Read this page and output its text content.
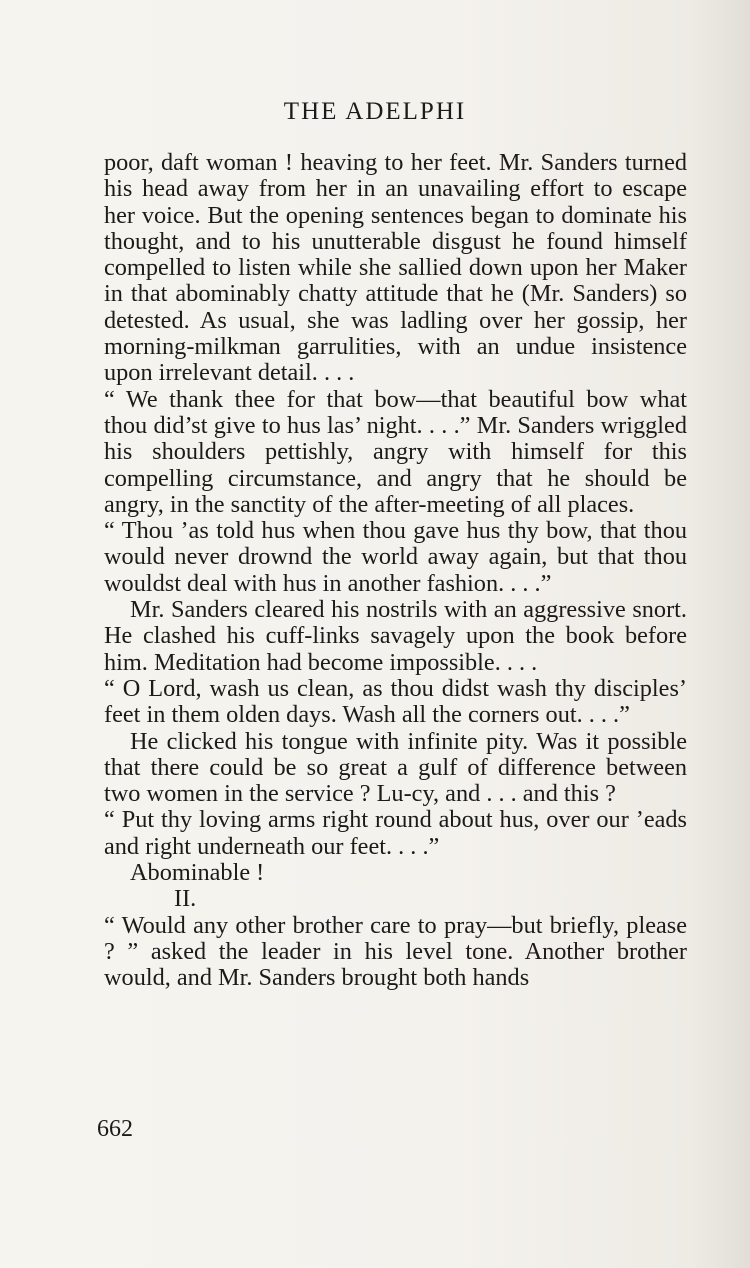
THE ADELPHI

poor, daft woman ! heaving to her feet. Mr. Sanders turned his head away from her in an unavailing effort to escape her voice. But the opening sentences began to dominate his thought, and to his unutterable disgust he found himself compelled to listen while she sallied down upon her Maker in that abominably chatty attitude that he (Mr. Sanders) so detested. As usual, she was ladling over her gossip, her morning-milkman garrulities, with an undue insistence upon irrelevant detail. . . .

“ We thank thee for that bow—that beautiful bow what thou did’st give to hus las’ night. . . .” Mr. Sanders wriggled his shoulders pettishly, angry with himself for this compelling circumstance, and angry that he should be angry, in the sanctity of the after-meeting of all places.

“ Thou ’as told hus when thou gave hus thy bow, that thou would never drownd the world away again, but that thou wouldst deal with hus in another fashion. . . .”

Mr. Sanders cleared his nostrils with an aggressive snort. He clashed his cuff-links savagely upon the book before him. Meditation had become impossible. . . .

“ O Lord, wash us clean, as thou didst wash thy disciples’ feet in them olden days. Wash all the corners out. . . .”

He clicked his tongue with infinite pity. Was it possible that there could be so great a gulf of difference between two women in the service ? Lu-cy, and . . . and this ?

“ Put thy loving arms right round about hus, over our ’eads and right underneath our feet. . . .”

Abominable !

II.

“ Would any other brother care to pray—but briefly, please ? ” asked the leader in his level tone. Another brother would, and Mr. Sanders brought both hands

662
